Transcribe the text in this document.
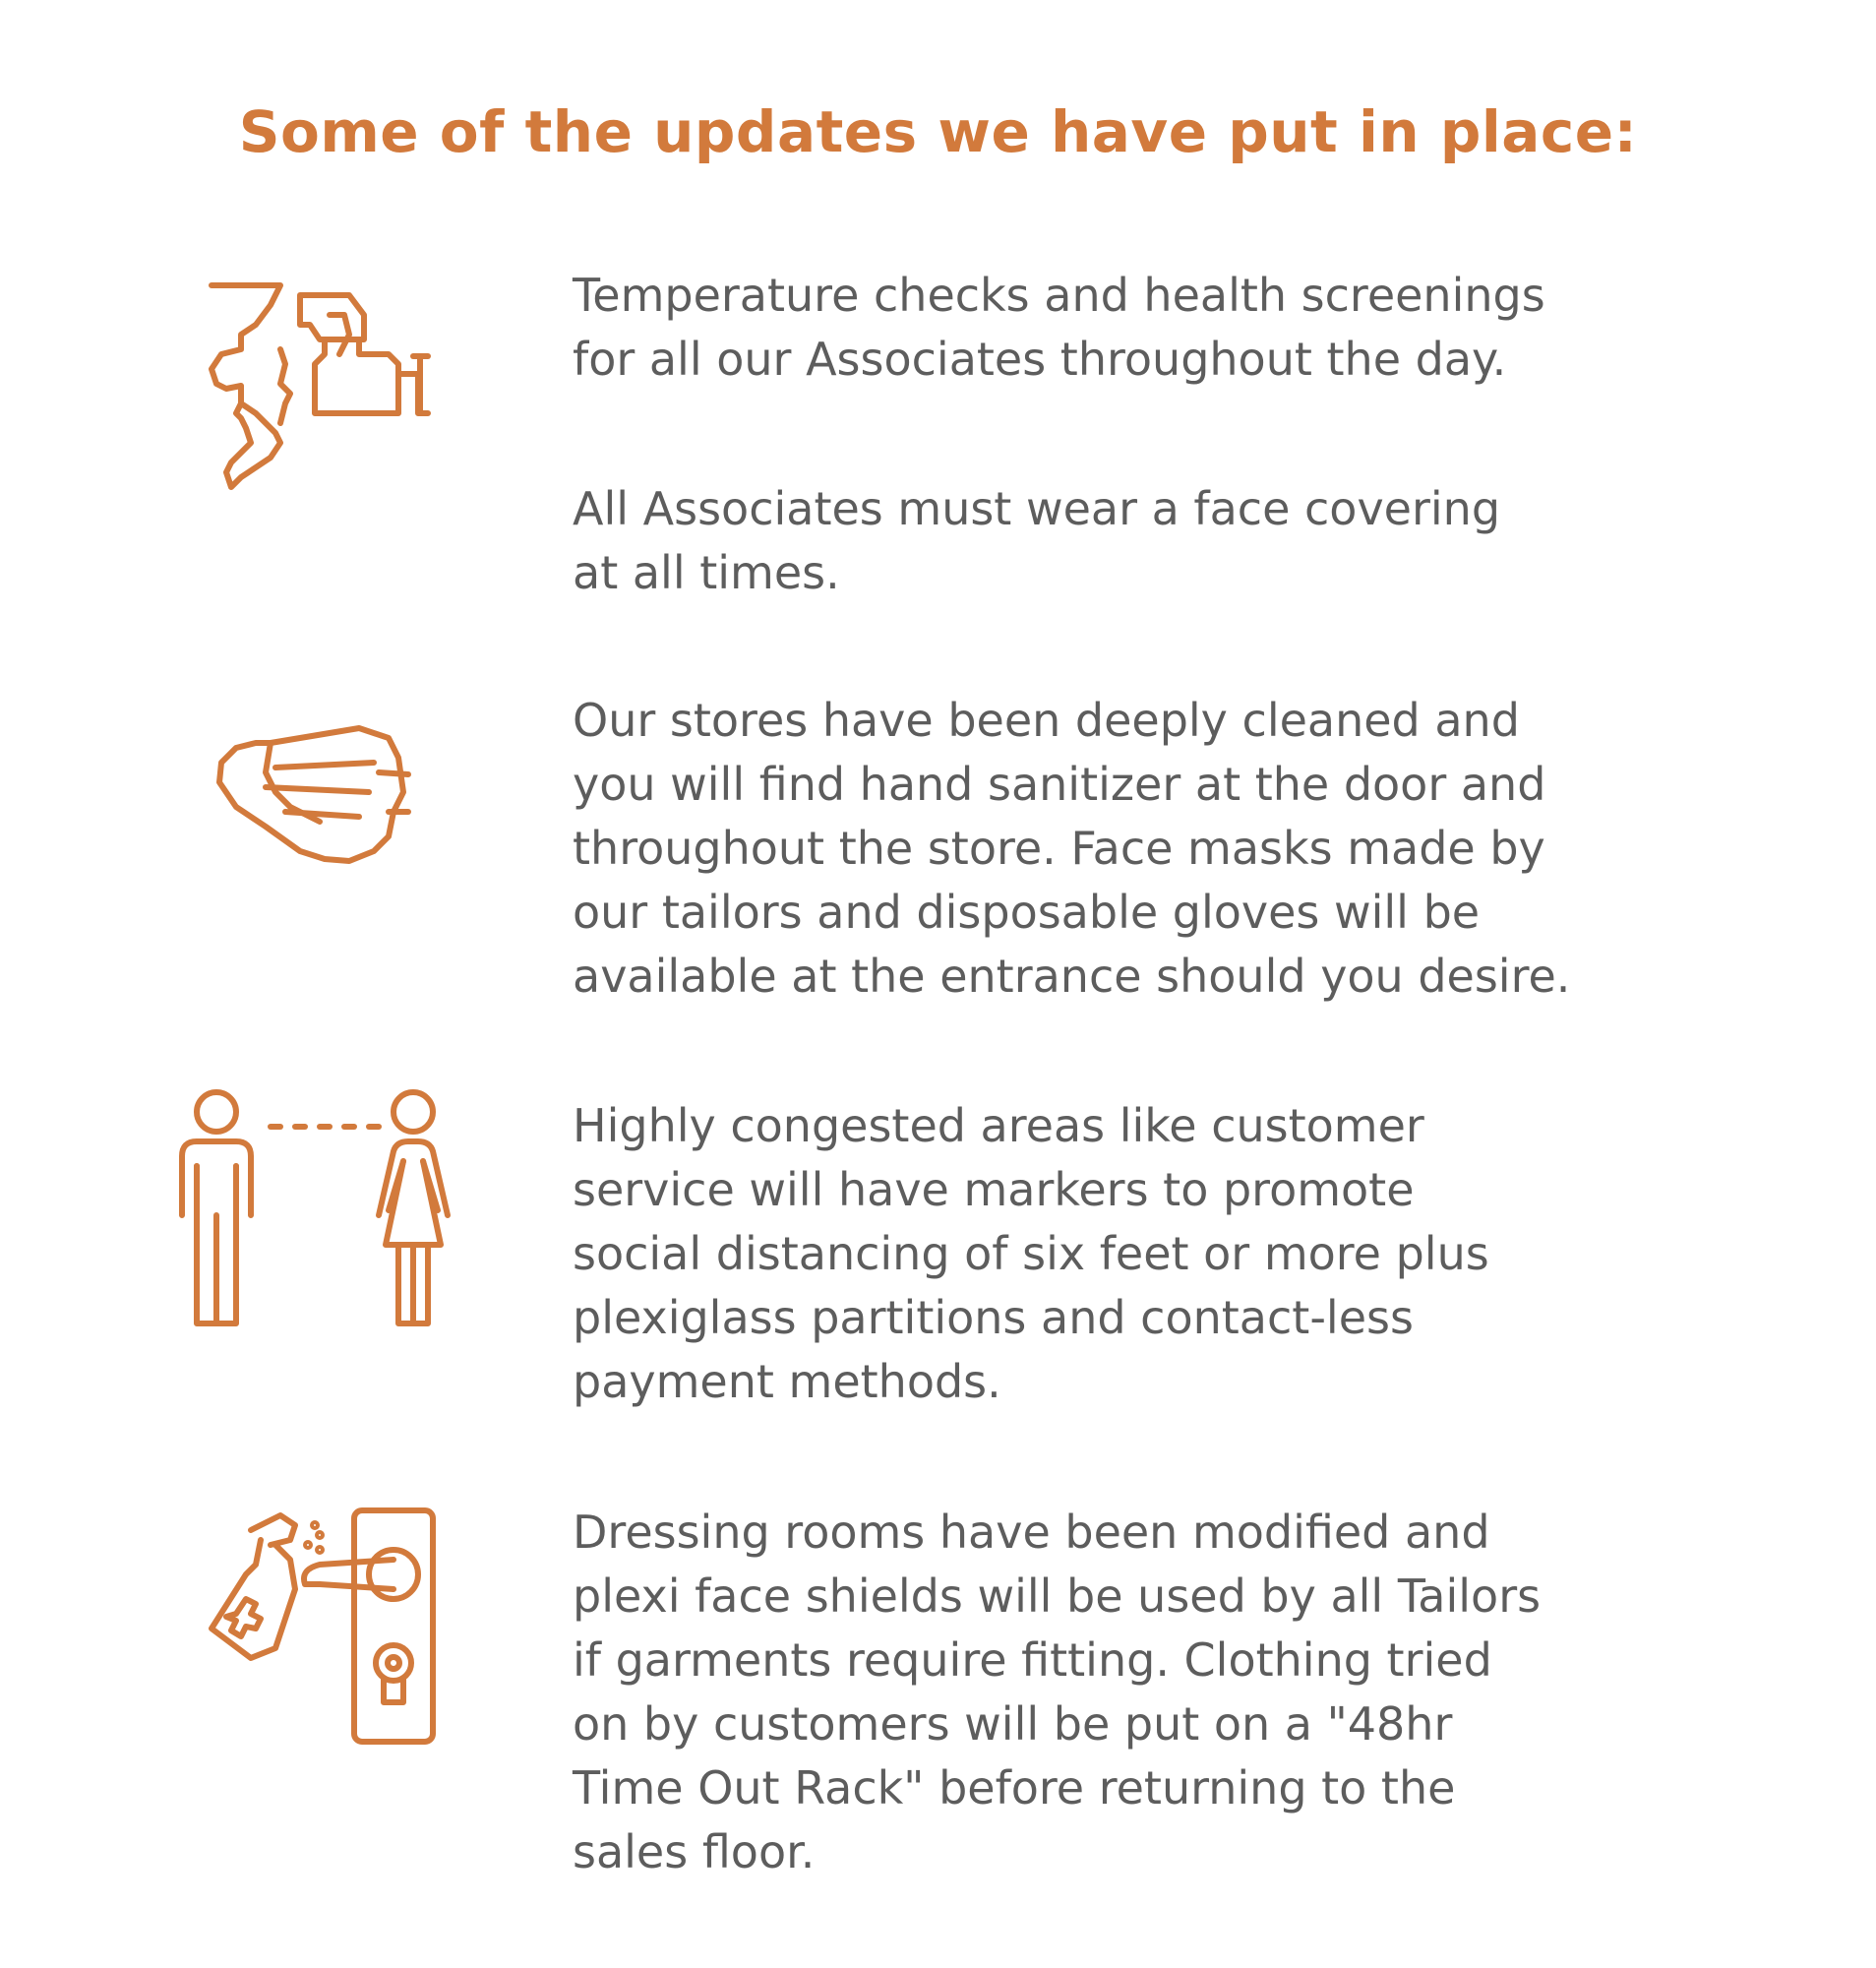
Some of the updates we have put in place:

Temperature checks and health screenings
for all our Associates throughout the day.

All Associates must wear a face covering
at all times.

Our stores have been deeply cleaned and
you will find hand sanitizer at the door and
throughout the store. Face masks made by
our tailors and disposable gloves will be
available at the entrance should you desire.

Highly congested areas like customer
service will have markers to promote
social distancing of six feet or more plus
plexiglass partitions and contact-less
payment methods.

Dressing rooms have been modified and
plexi face shields will be used by all Tailors
if garments require fitting. Clothing tried
on by customers will be put on a "48hr
Time Out Rack" before returning to the
sales floor.
